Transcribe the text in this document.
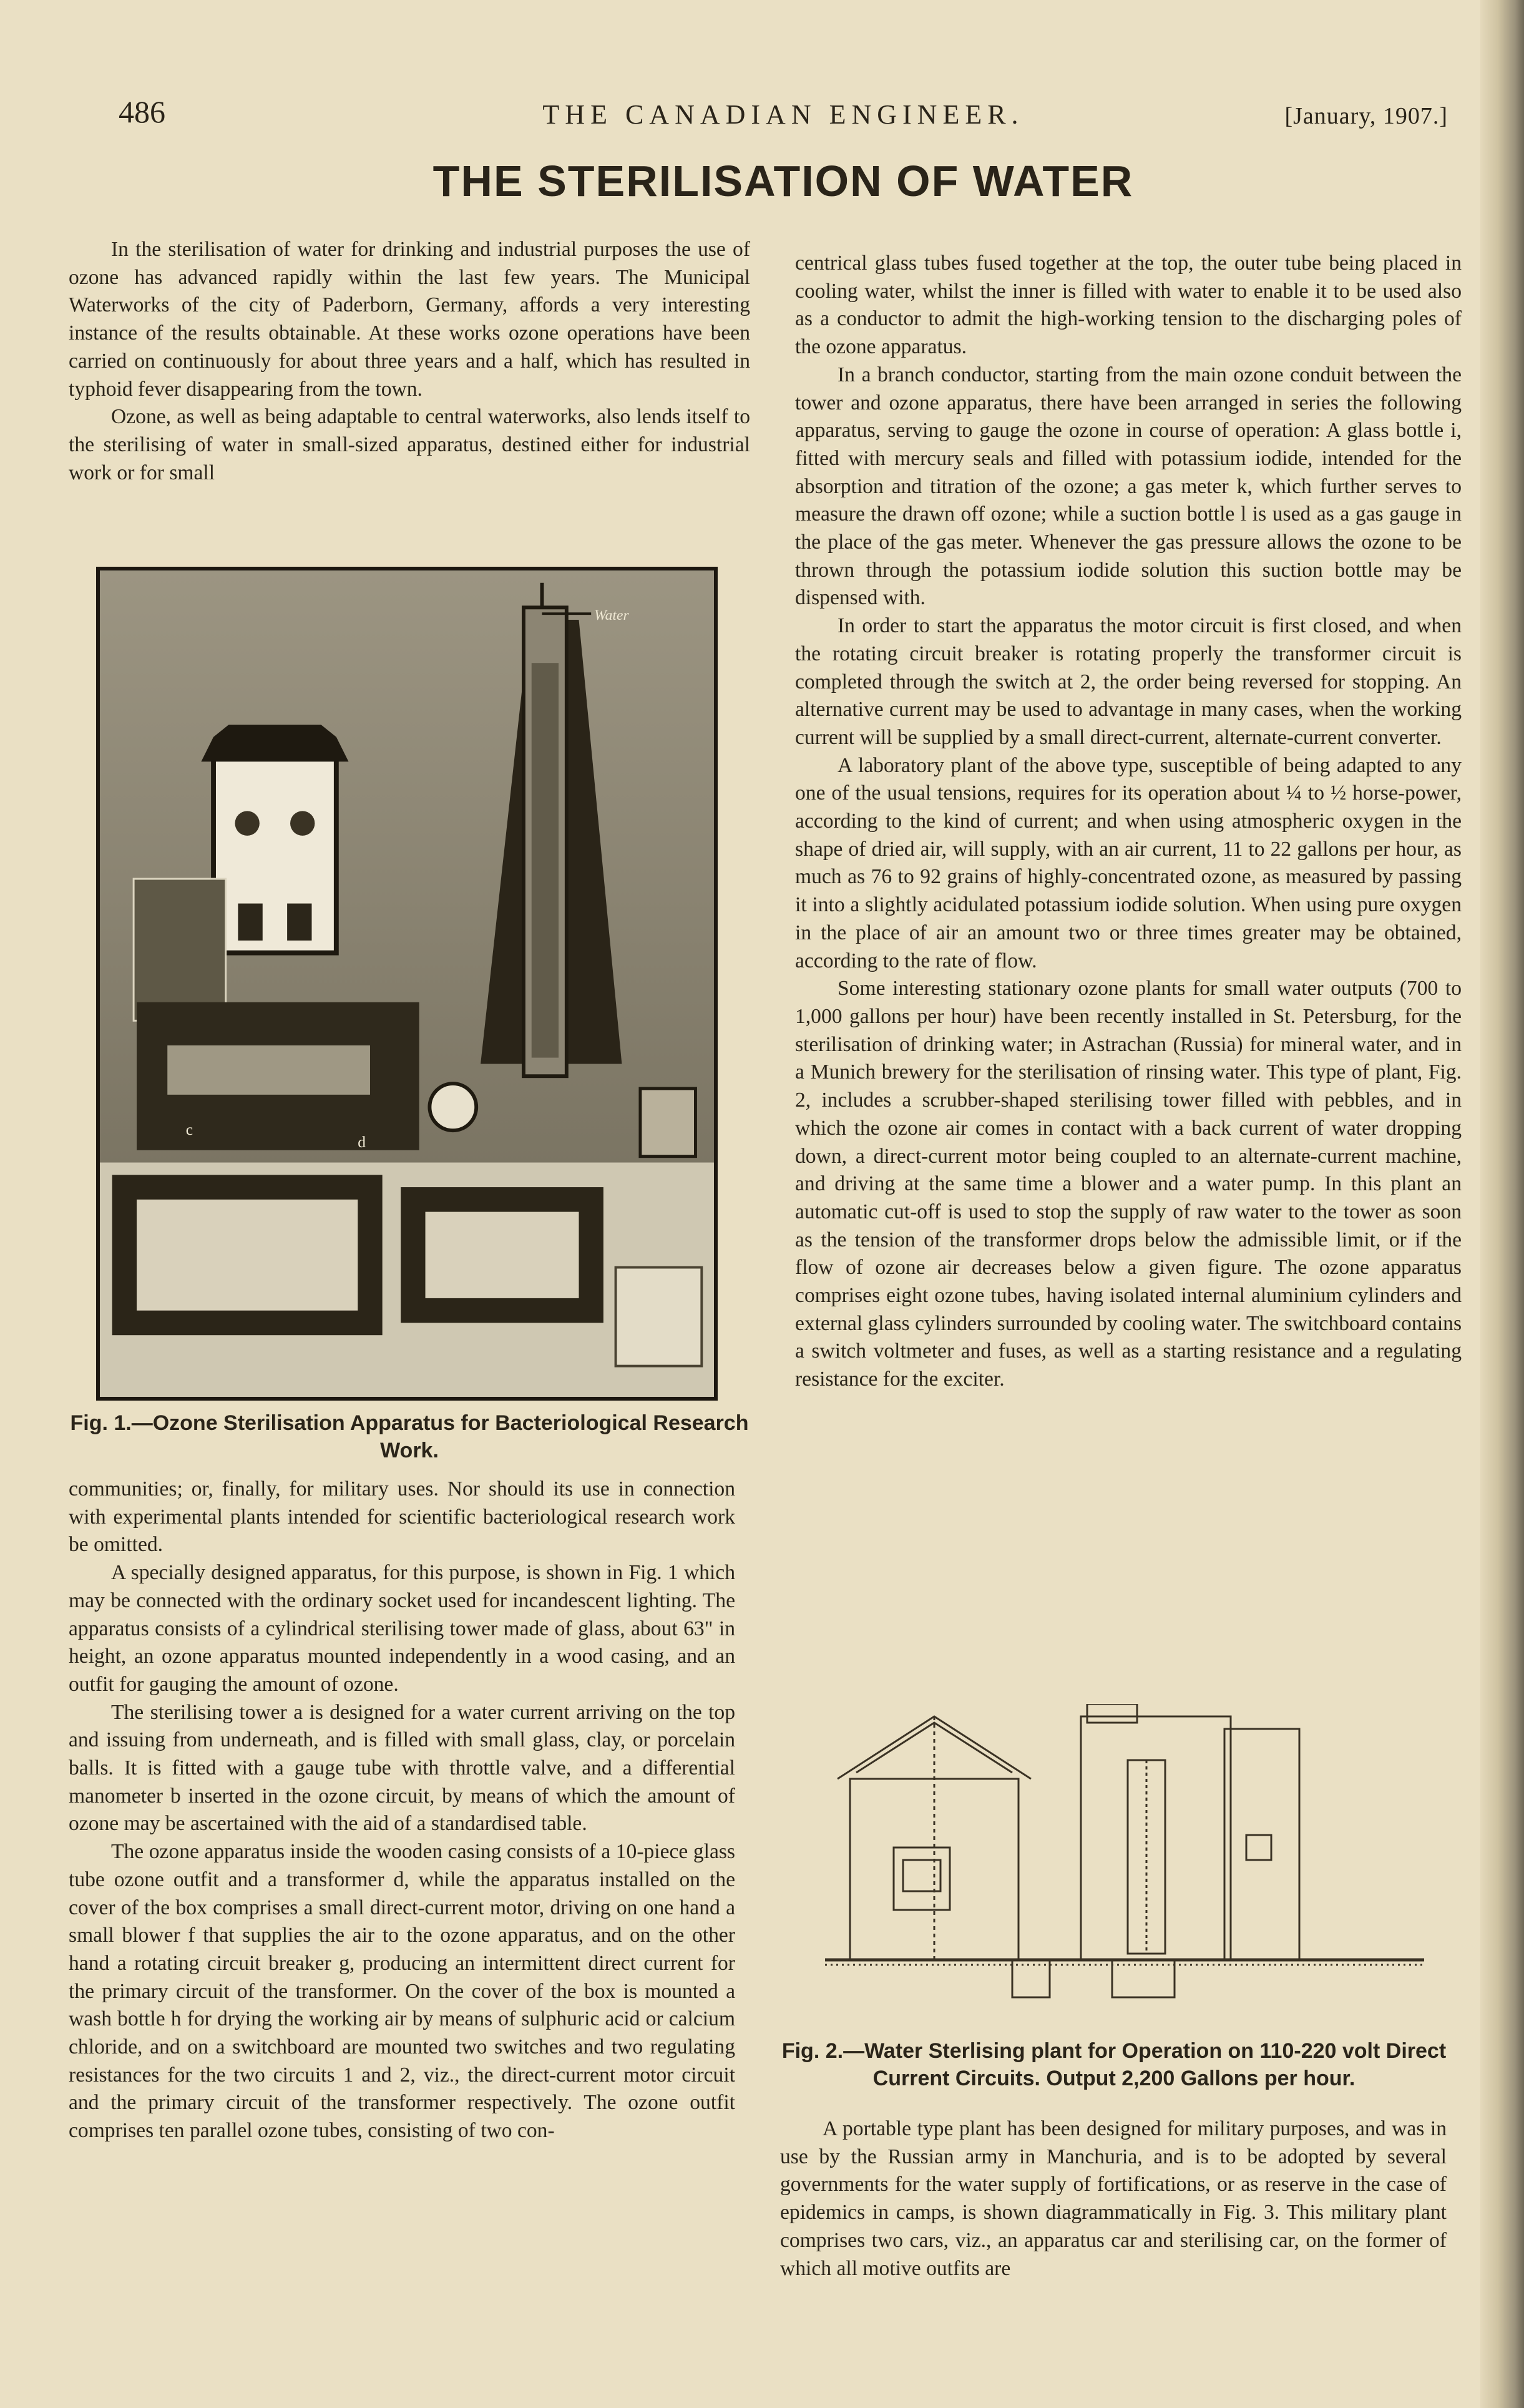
486	THE CANADIAN ENGINEER.	[January, 1907.]
THE STERILISATION OF WATER

In the sterilisation of water for drinking and industrial purposes the use of ozone has advanced rapidly within the last few years. The Municipal Waterworks of the city of Paderborn, Germany, affords a very interesting instance of the results obtainable. At these works ozone operations have been carried on continuously for about three years and a half, which has resulted in typhoid fever disappearing from the town.

Ozone, as well as being adaptable to central waterworks, also lends itself to the sterilising of water in small-sized apparatus, destined either for industrial work or for small

Water
c
d
Fig. 1.—Ozone Sterilisation Apparatus for Bacteriological Research Work.

communities; or, finally, for military uses. Nor should its use in connection with experimental plants intended for scientific bacteriological research work be omitted.

A specially designed apparatus, for this purpose, is shown in Fig. 1 which may be connected with the ordinary socket used for incandescent lighting. The apparatus consists of a cylindrical sterilising tower made of glass, about 63" in height, an ozone apparatus mounted independently in a wood casing, and an outfit for gauging the amount of ozone.

The sterilising tower a is designed for a water current arriving on the top and issuing from underneath, and is filled with small glass, clay, or porcelain balls. It is fitted with a gauge tube with throttle valve, and a differential manometer b inserted in the ozone circuit, by means of which the amount of ozone may be ascertained with the aid of a standardised table.

The ozone apparatus inside the wooden casing consists of a 10-piece glass tube ozone outfit and a transformer d, while the apparatus installed on the cover of the box comprises a small direct-current motor, driving on one hand a small blower f that supplies the air to the ozone apparatus, and on the other hand a rotating circuit breaker g, producing an intermittent direct current for the primary circuit of the transformer. On the cover of the box is mounted a wash bottle h for drying the working air by means of sulphuric acid or calcium chloride, and on a switchboard are mounted two switches and two regulating resistances for the two circuits 1 and 2, viz., the direct-current motor circuit and the primary circuit of the transformer respectively. The ozone outfit comprises ten parallel ozone tubes, consisting of two con-

centrical glass tubes fused together at the top, the outer tube being placed in cooling water, whilst the inner is filled with water to enable it to be used also as a conductor to admit the high-working tension to the discharging poles of the ozone apparatus.

In a branch conductor, starting from the main ozone conduit between the tower and ozone apparatus, there have been arranged in series the following apparatus, serving to gauge the ozone in course of operation: A glass bottle i, fitted with mercury seals and filled with potassium iodide, intended for the absorption and titration of the ozone; a gas meter k, which further serves to measure the drawn off ozone; while a suction bottle l is used as a gas gauge in the place of the gas meter. Whenever the gas pressure allows the ozone to be thrown through the potassium iodide solution this suction bottle may be dispensed with.

In order to start the apparatus the motor circuit is first closed, and when the rotating circuit breaker is rotating properly the transformer circuit is completed through the switch at 2, the order being reversed for stopping. An alternative current may be used to advantage in many cases, when the working current will be supplied by a small direct-current, alternate-current converter.

A laboratory plant of the above type, susceptible of being adapted to any one of the usual tensions, requires for its operation about ¼ to ½ horse-power, according to the kind of current; and when using atmospheric oxygen in the shape of dried air, will supply, with an air current, 11 to 22 gallons per hour, as much as 76 to 92 grains of highly-concentrated ozone, as measured by passing it into a slightly acidulated potassium iodide solution. When using pure oxygen in the place of air an amount two or three times greater may be obtained, according to the rate of flow.

Some interesting stationary ozone plants for small water outputs (700 to 1,000 gallons per hour) have been recently installed in St. Petersburg, for the sterilisation of drinking water; in Astrachan (Russia) for mineral water, and in a Munich brewery for the sterilisation of rinsing water. This type of plant, Fig. 2, includes a scrubber-shaped sterilising tower filled with pebbles, and in which the ozone air comes in contact with a back current of water dropping down, a direct-current motor being coupled to an alternate-current machine, and driving at the same time a blower and a water pump. In this plant an automatic cut-off is used to stop the supply of raw water to the tower as soon as the tension of the transformer drops below the admissible limit, or if the flow of ozone air decreases below a given figure. The ozone apparatus comprises eight ozone tubes, having isolated internal aluminium cylinders and external glass cylinders surrounded by cooling water. The switchboard contains a switch voltmeter and fuses, as well as a starting resistance and a regulating resistance for the exciter.

Fig. 2.—Water Sterlising plant for Operation on 110-220 volt Direct Current Circuits. Output 2,200 Gallons per hour.

A portable type plant has been designed for military purposes, and was in use by the Russian army in Manchuria, and is to be adopted by several governments for the water supply of fortifications, or as reserve in the case of epidemics in camps, is shown diagrammatically in Fig. 3. This military plant comprises two cars, viz., an apparatus car and sterilising car, on the former of which all motive outfits are
